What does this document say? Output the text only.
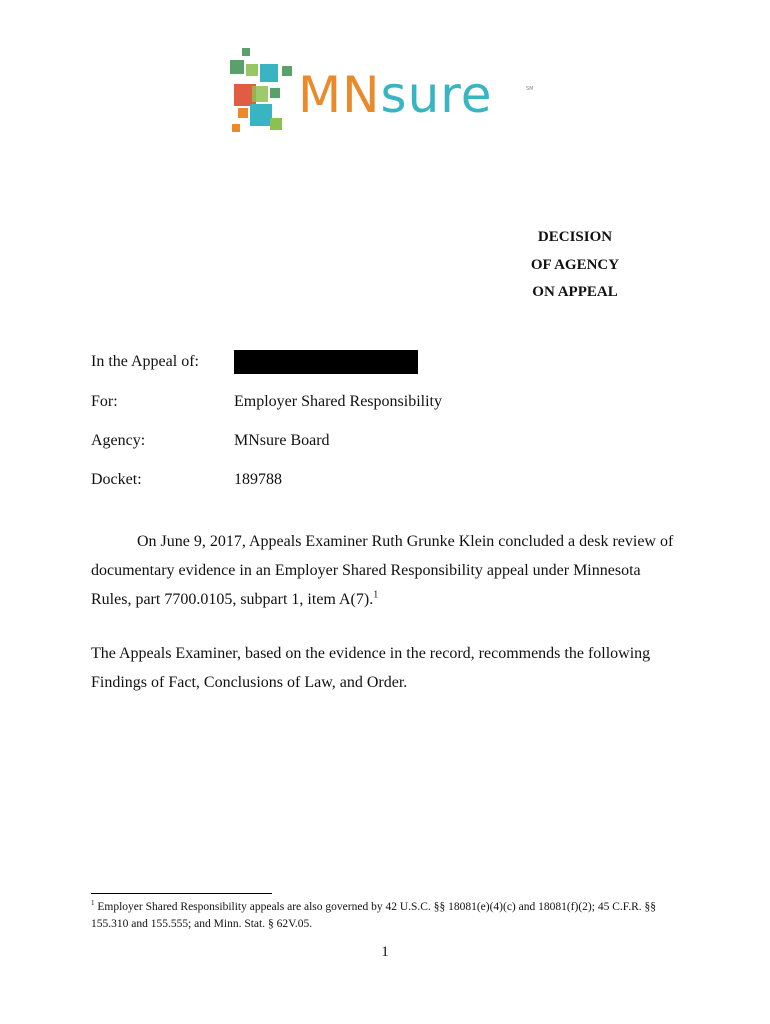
MNsure	SM
DECISION
OF AGENCY
ON APPEAL
In the Appeal of:
For:	Employer Shared Responsibility
Agency:	MNsure Board
Docket:	189788
On June 9, 2017, Appeals Examiner Ruth Grunke Klein concluded a desk review of documentary evidence in an Employer Shared Responsibility appeal under Minnesota Rules, part 7700.0105, subpart 1, item A(7).$^1$
The Appeals Examiner, based on the evidence in the record, recommends the following Findings of Fact, Conclusions of Law, and Order.
$^1$ Employer Shared Responsibility appeals are also governed by 42 U.S.C. §§ 18081(e)(4)(c) and 18081(f)(2); 45 C.F.R. §§ 155.310 and 155.555; and Minn. Stat. § 62V.05.
1
